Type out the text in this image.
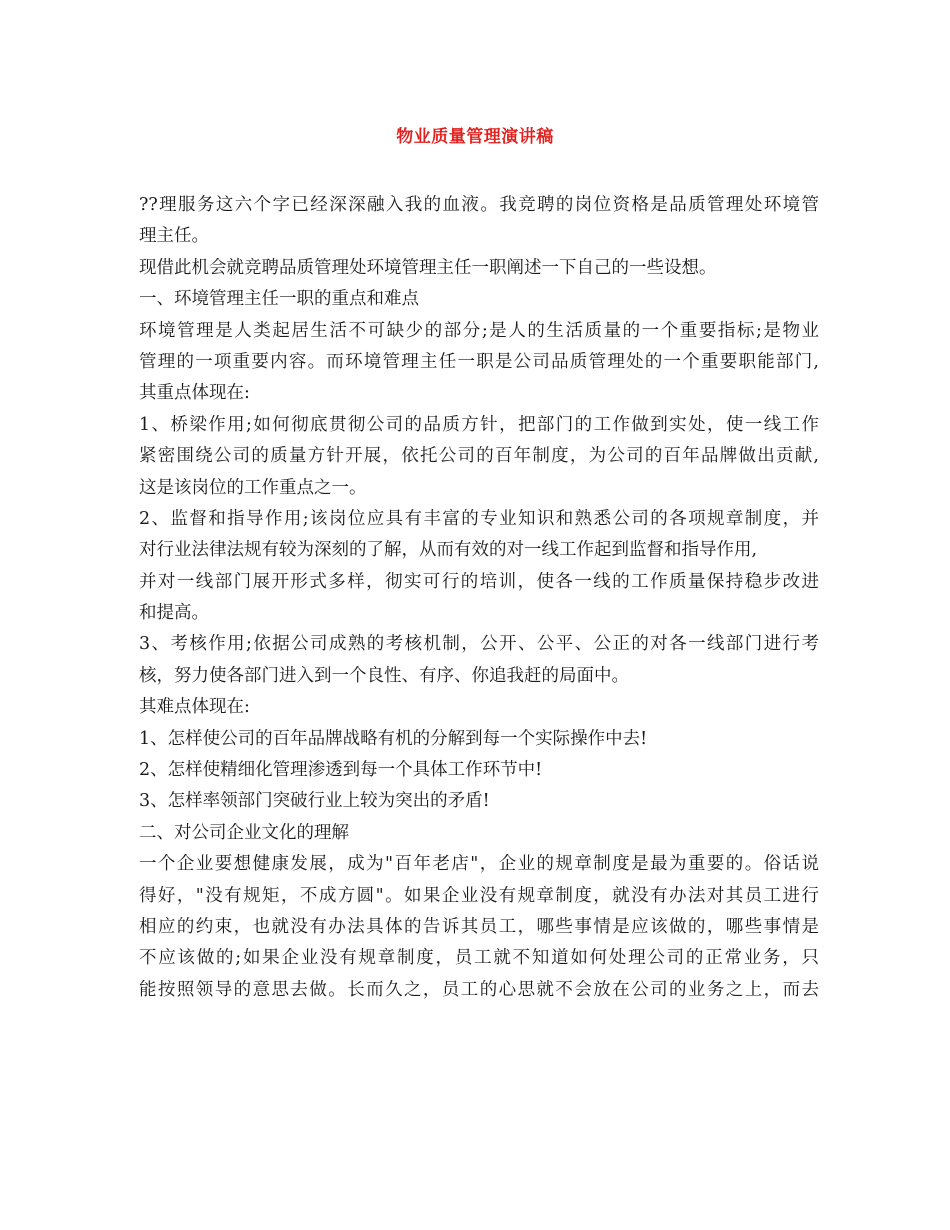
物业质量管理演讲稿
??理服务这六个字已经深深融入我的血液。我竞聘的岗位资格是品质管理处环境管
理主任。
现借此机会就竞聘品质管理处环境管理主任一职阐述一下自己的一些设想。
一、环境管理主任一职的重点和难点
环境管理是人类起居生活不可缺少的部分;是人的生活质量的一个重要指标;是物业
管理的一项重要内容。而环境管理主任一职是公司品质管理处的一个重要职能部门,
其重点体现在:
1、桥梁作用;如何彻底贯彻公司的品质方针，把部门的工作做到实处，使一线工作
紧密围绕公司的质量方针开展，依托公司的百年制度，为公司的百年品牌做出贡献,
这是该岗位的工作重点之一。
2、监督和指导作用;该岗位应具有丰富的专业知识和熟悉公司的各项规章制度，并
对行业法律法规有较为深刻的了解，从而有效的对一线工作起到监督和指导作用,
并对一线部门展开形式多样，彻实可行的培训，使各一线的工作质量保持稳步改进
和提高。
3、考核作用;依据公司成熟的考核机制，公开、公平、公正的对各一线部门进行考
核，努力使各部门进入到一个良性、有序、你追我赶的局面中。
其难点体现在:
1、怎样使公司的百年品牌战略有机的分解到每一个实际操作中去!
2、怎样使精细化管理渗透到每一个具体工作环节中!
3、怎样率领部门突破行业上较为突出的矛盾!
二、对公司企业文化的理解
一个企业要想健康发展，成为"百年老店"，企业的规章制度是最为重要的。俗话说
得好，"没有规矩，不成方圆"。如果企业没有规章制度，就没有办法对其员工进行
相应的约束，也就没有办法具体的告诉其员工，哪些事情是应该做的，哪些事情是
不应该做的;如果企业没有规章制度，员工就不知道如何处理公司的正常业务，只
能按照领导的意思去做。长而久之，员工的心思就不会放在公司的业务之上，而去
